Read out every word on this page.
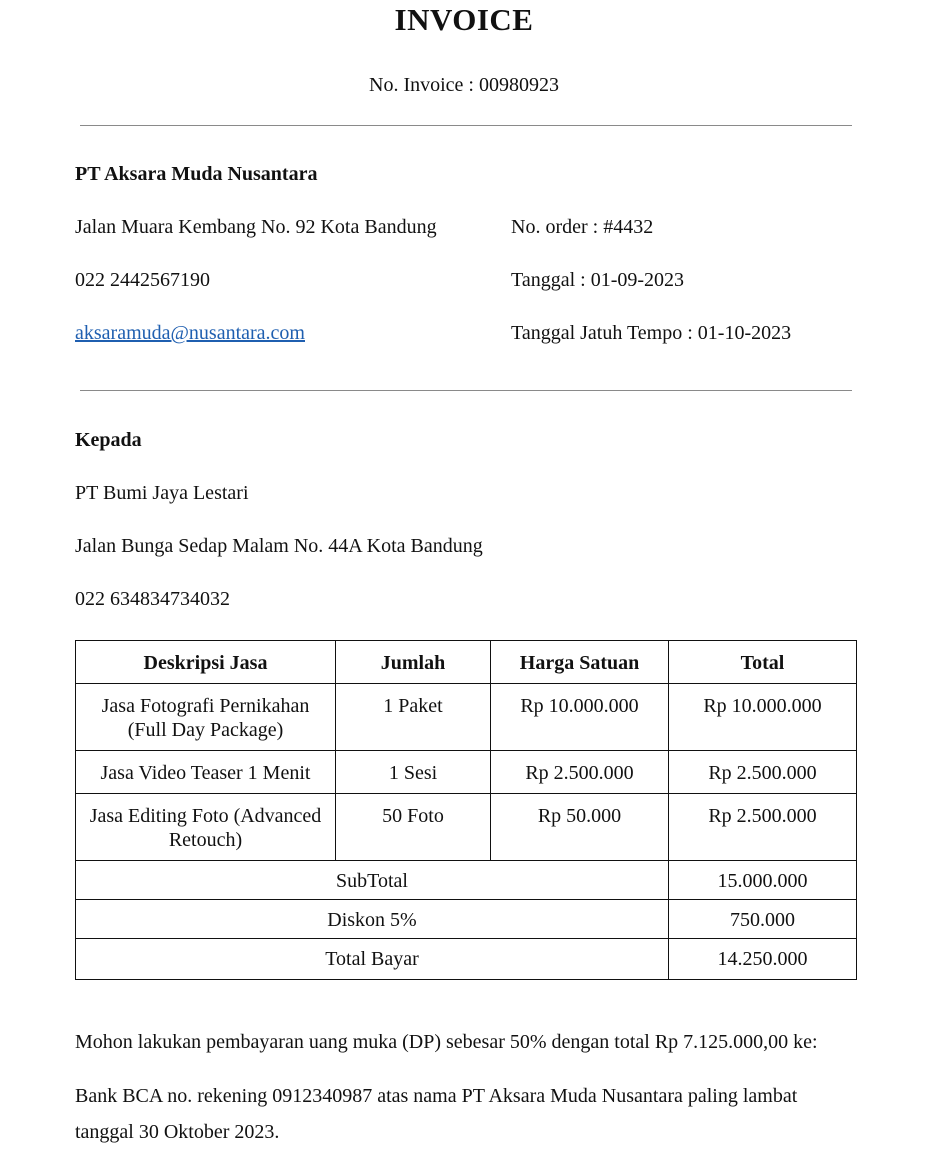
INVOICE
No. Invoice : 00980923
PT Aksara Muda Nusantara
Jalan Muara Kembang No. 92 Kota Bandung
022 2442567190
aksaramuda@nusantara.com
No. order : #4432
Tanggal : 01-09-2023
Tanggal Jatuh Tempo : 01-10-2023
Kepada
PT Bumi Jaya Lestari
Jalan Bunga Sedap Malam No. 44A Kota Bandung
022 634834734032
Deskripsi Jasa	Jumlah	Harga Satuan	Total
Jasa Fotografi Pernikahan (Full Day Package)	1 Paket	Rp 10.000.000	Rp 10.000.000
Jasa Video Teaser 1 Menit	1 Sesi	Rp 2.500.000	Rp 2.500.000
Jasa Editing Foto (Advanced Retouch)	50 Foto	Rp 50.000	Rp 2.500.000
SubTotal			15.000.000
Diskon 5%			750.000
Total Bayar			14.250.000
Mohon lakukan pembayaran uang muka (DP) sebesar 50% dengan total Rp 7.125.000,00 ke:
Bank BCA no. rekening 0912340987 atas nama PT Aksara Muda Nusantara paling lambat tanggal 30 Oktober 2023.
